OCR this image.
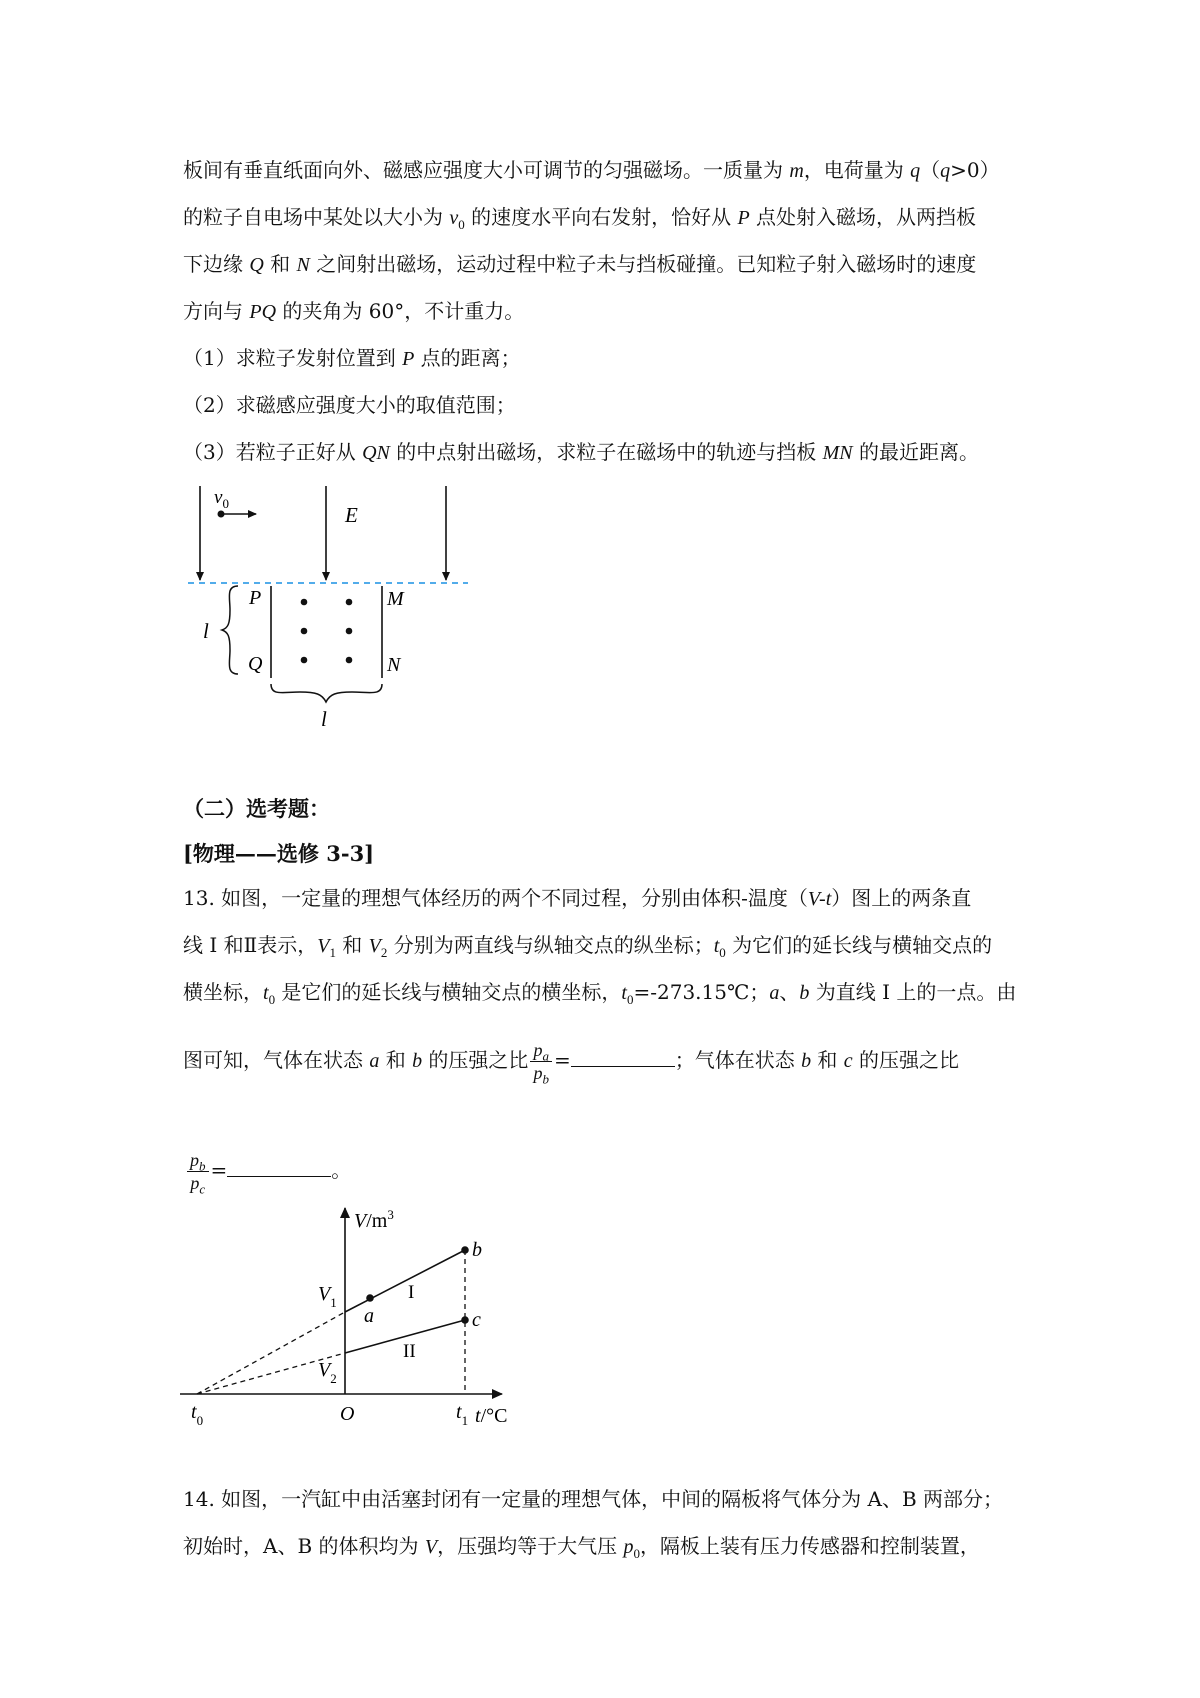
板间有垂直纸面向外、磁感应强度大小可调节的匀强磁场。一质量为 m，电荷量为 q（q>0）
的粒子自电场中某处以大小为 $v_0$ 的速度水平向右发射，恰好从 P 点处射入磁场，从两挡板
下边缘 Q 和 N 之间射出磁场，运动过程中粒子未与挡板碰撞。已知粒子射入磁场时的速度
方向与 PQ 的夹角为 60°，不计重力。
（1）求粒子发射位置到 P 点的距离；
（2）求磁感应强度大小的取值范围；
（3）若粒子正好从 QN 的中点射出磁场，求粒子在磁场中的轨迹与挡板 MN 的最近距离。
$v_0$	E
P
Q
M
N
l
l
（二）选考题：
[物理——选修 3-3]
13. 如图，一定量的理想气体经历的两个不同过程，分别由体积-温度（V-t）图上的两条直
线 I 和Ⅱ表示，$V_1$ 和 $V_2$ 分别为两直线与纵轴交点的纵坐标；$t_0$ 为它们的延长线与横轴交点的
横坐标，$t_0$ 是它们的延长线与横轴交点的横坐标，$t_0=-273.15℃$；a、b 为直线 I 上的一点。由
图可知，气体在状态 a 和 b 的压强之比 $\frac{p_a}{p_b}$ =	；气体在状态 b 和 c 的压强之比
$\frac{p_b}{p_c}$ =	。
$V/m^3$
t/°C
O
$t_0$	$t_1$
$V_1$
$V_2$
a
b
c
I
II
14. 如图，一汽缸中由活塞封闭有一定量的理想气体，中间的隔板将气体分为 A、B 两部分；
初始时，A、B 的体积均为 V，压强均等于大气压 $p_0$，隔板上装有压力传感器和控制装置，
